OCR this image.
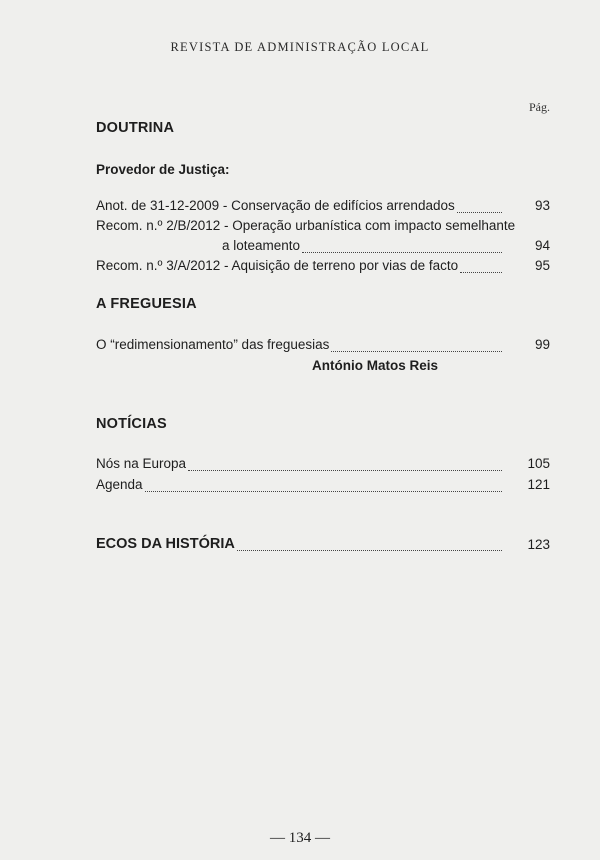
REVISTA DE ADMINISTRAÇÃO LOCAL
Pág.
DOUTRINA
Provedor de Justiça:
Anot. de 31-12-2009 - Conservação de edifícios arrendados	93
Recom. n.º 2/B/2012 - Operação urbanística com impacto semelhante
a loteamento	94
Recom. n.º 3/A/2012 - Aquisição de terreno por vias de facto	95
A FREGUESIA
O “redimensionamento” das freguesias	99
António Matos Reis
NOTÍCIAS
Nós na Europa	105
Agenda	121
ECOS DA HISTÓRIA	123
— 134 —
